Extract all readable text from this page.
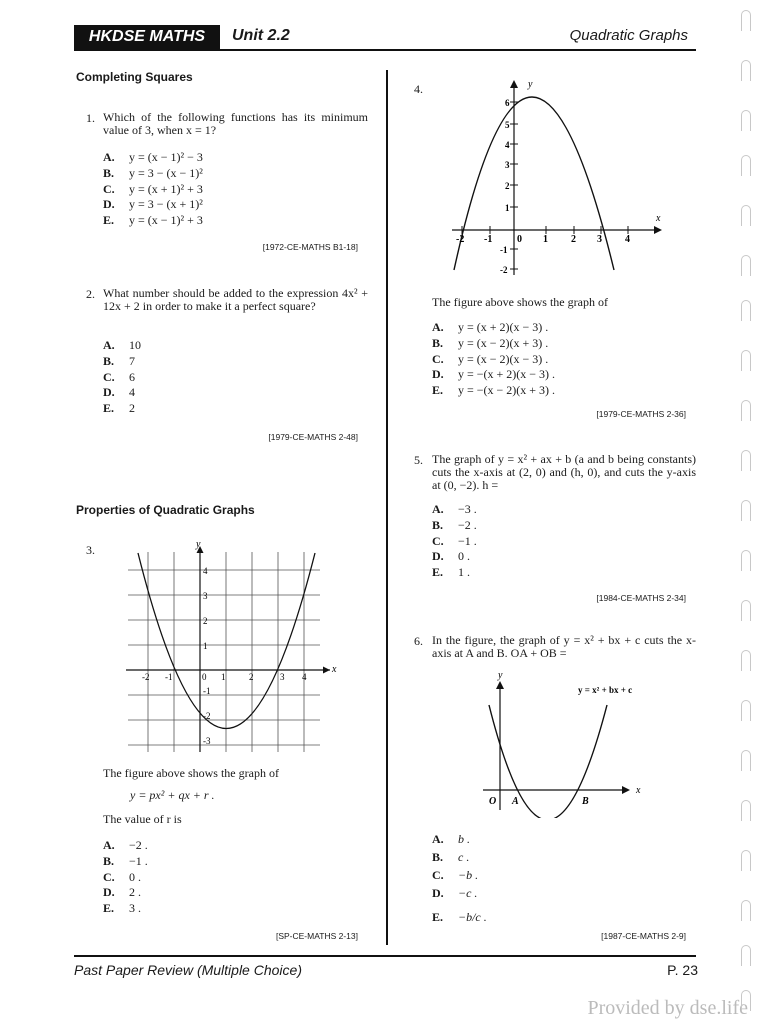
HKDSE MATHS	Unit 2.2	Quadratic Graphs
Completing Squares
1. Which of the following functions has its minimum value of 3, when x = 1?
A.	y = (x − 1)² − 3
B.	y = 3 − (x − 1)²
C.	y = (x + 1)² + 3
D.	y = 3 − (x + 1)²
E.	y = (x − 1)² + 3
[1972-CE-MATHS B1-18]
2. What number should be added to the expression 4x² + 12x + 2 in order to make it a perfect square?
A.	10
B.	7
C.	6
D.	4
E.	2
[1979-CE-MATHS 2-48]
Properties of Quadratic Graphs
3.	y
x
-2 -1	0 1	2	3 4
4
3
2
1
-1
-2
-3
The figure above shows the graph of
y = px² + qx + r .
The value of r is
A.	−2 .
B.	−1 .
C.	0 .
D.	2 .
E.	3 .
[SP-CE-MATHS 2-13]
4.	y
x
-2 -1 0 1 2 3 4
6
5
4
3
2
1
-1
-2
The figure above shows the graph of
A.	y = (x + 2)(x − 3) .
B.	y = (x − 2)(x + 3) .
C.	y = (x − 2)(x − 3) .
D.	y = −(x + 2)(x − 3) .
E.	y = −(x − 2)(x + 3) .
[1979-CE-MATHS 2-36]
5. The graph of y = x² + ax + b (a and b being constants) cuts the x-axis at (2, 0) and (h, 0), and cuts the y-axis at (0, −2). h =
A.	−3 .
B.	−2 .
C.	−1 .
D.	0 .
E.	1 .
[1984-CE-MATHS 2-34]
6. In the figure, the graph of y = x² + bx + c cuts the x-axis at A and B. OA + OB =
y
x
O A	B
y = x² + bx + c
A.	b .
B.	c .
C.	−b .
D.	−c .
E.	−b/c .
[1987-CE-MATHS 2-9]
Past Paper Review (Multiple Choice)	P. 23
Provided by dse.life
